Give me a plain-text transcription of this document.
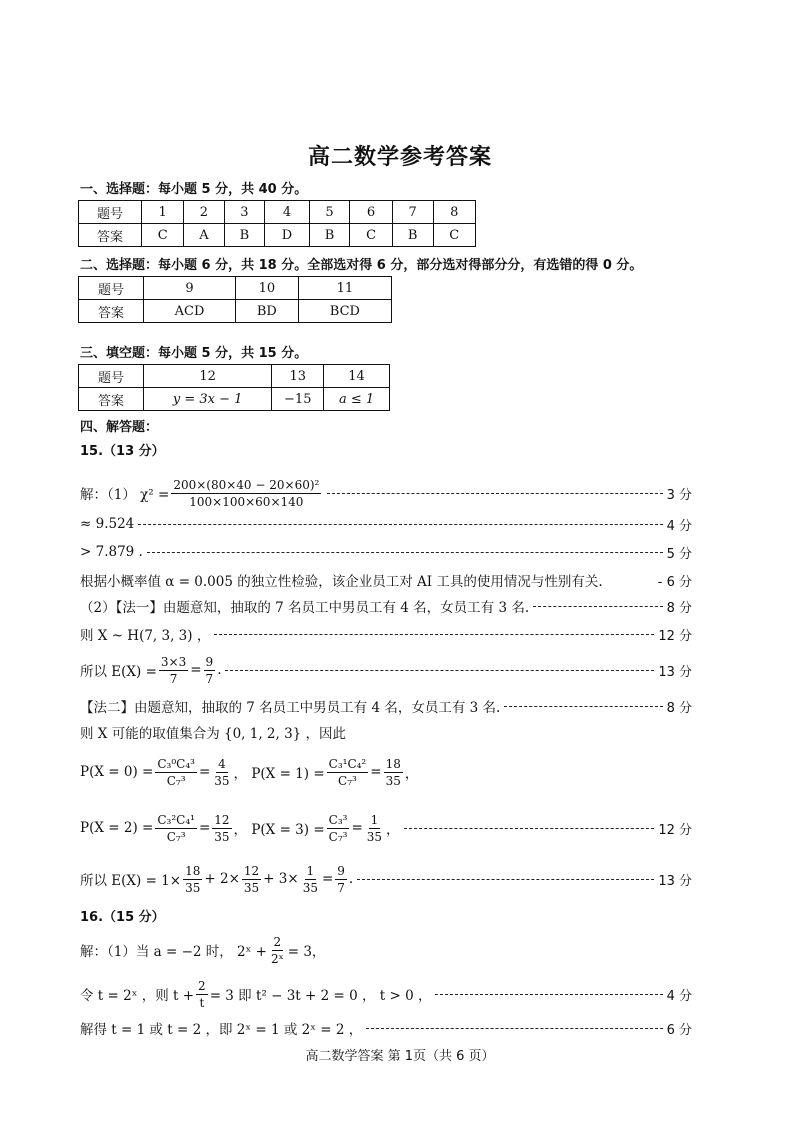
高二数学参考答案
一、选择题：每小题 5 分，共 40 分。
题号	1	2	3	4	5	6	7	8
答案	C	A	B	D	B	C	B	C
二、选择题：每小题 6 分，共 18 分。全部选对得 6 分，部分选对得部分分，有选错的得 0 分。
题号	9	10	11
答案	ACD	BD	BCD
三、填空题：每小题 5 分，共 15 分。
题号	12	13	14
答案	y = 3x − 1	−15	a ≤ 1
四、解答题：
15.（13 分）
解：（1） $\chi^2 = \frac{\text{200×(80×40 − 20×60)²}}{100\times 100\times 60\times 140}$	3 分
≈ 9.524	4 分
> 7.879 .	5 分
根据小概率值 α = 0.005 的独立性检验，该企业员工对 AI 工具的使用情况与性别有关.	- 6 分
（2）【法一】由题意知，抽取的 7 名员工中男员工有 4 名，女员工有 3 名.	8 分
则 X ~ H(7, 3, 3) ，	12 分
所以 $E(X) = \frac{3\times 3}{7} = \frac{9}{7}$ .	13 分
【法二】由题意知，抽取的 7 名员工中男员工有 4 名，女员工有 3 名.	8 分
则 X 可能的取值集合为 {0, 1, 2, 3} ，因此
$P(X = 0) = \frac{\text{C₃⁰C₄³}}{\text{C₇³}} = \frac{4}{35}$ ， $P(X = 1) = \frac{\text{C₃¹C₄²}}{\text{C₇³}} = \frac{18}{35}$ ，
$P(X = 2) = \frac{\text{C₃²C₄¹}}{\text{C₇³}} = \frac{12}{35}$ ， $P(X = 3) = \frac{\text{C₃³}}{\text{C₇³}} = \frac{1}{35}$ ，	12 分
所以 $E(X) = 1\times \frac{18}{35} + 2\times \frac{12}{35} + 3\times \frac{1}{35} = \frac{9}{7}$ .	13 分
16.（15 分）
解：（1）当 a = −2 时， 2ˣ + $\frac{2}{\text{2ˣ}} = 3$，
令 t = 2ˣ ，则 $t + \frac{2}{t} = 3$ 即 t² − 3t + 2 = 0 ， t > 0 ，	4 分
解得 t = 1 或 t = 2 ，即 2ˣ = 1 或 2ˣ = 2 ，	6 分
高二数学答案 第 1页（共 6 页）
